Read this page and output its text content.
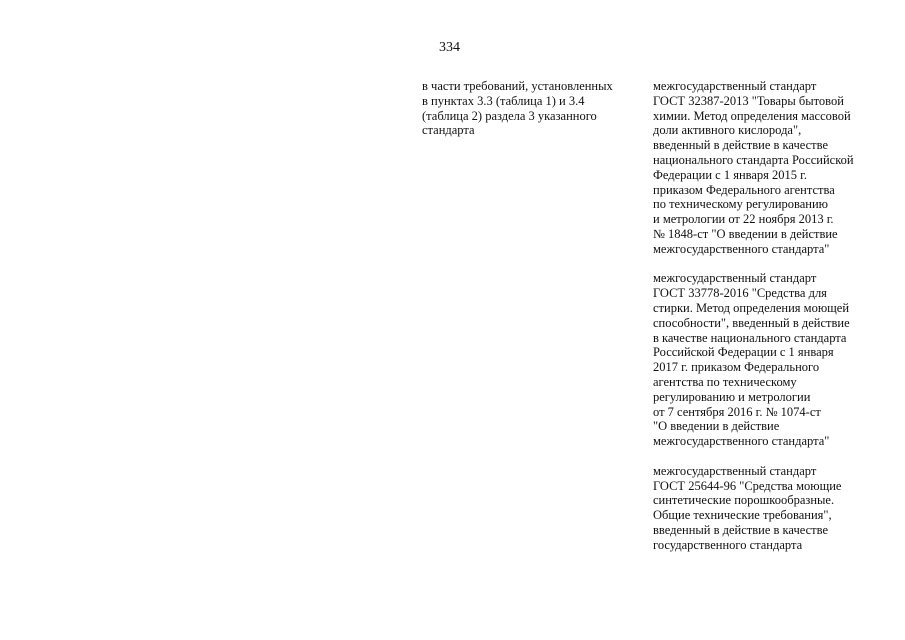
334
в части требований, установленных
в пунктах 3.3 (таблица 1) и 3.4
(таблица 2) раздела 3 указанного
стандарта
межгосударственный стандарт
ГОСТ 32387-2013 "Товары бытовой
химии. Метод определения массовой
доли активного кислорода",
введенный в действие в качестве
национального стандарта Российской
Федерации с 1 января 2015 г.
приказом Федерального агентства
по техническому регулированию
и метрологии от 22 ноября 2013 г.
№ 1848-ст "О введении в действие
межгосударственного стандарта"
межгосударственный стандарт
ГОСТ 33778-2016 "Средства для
стирки. Метод определения моющей
способности", введенный в действие
в качестве национального стандарта
Российской Федерации с 1 января
2017 г. приказом Федерального
агентства по техническому
регулированию и метрологии
от 7 сентября 2016 г. № 1074-ст
"О введении в действие
межгосударственного стандарта"
межгосударственный стандарт
ГОСТ 25644-96 "Средства моющие
синтетические порошкообразные.
Общие технические требования",
введенный в действие в качестве
государственного стандарта
